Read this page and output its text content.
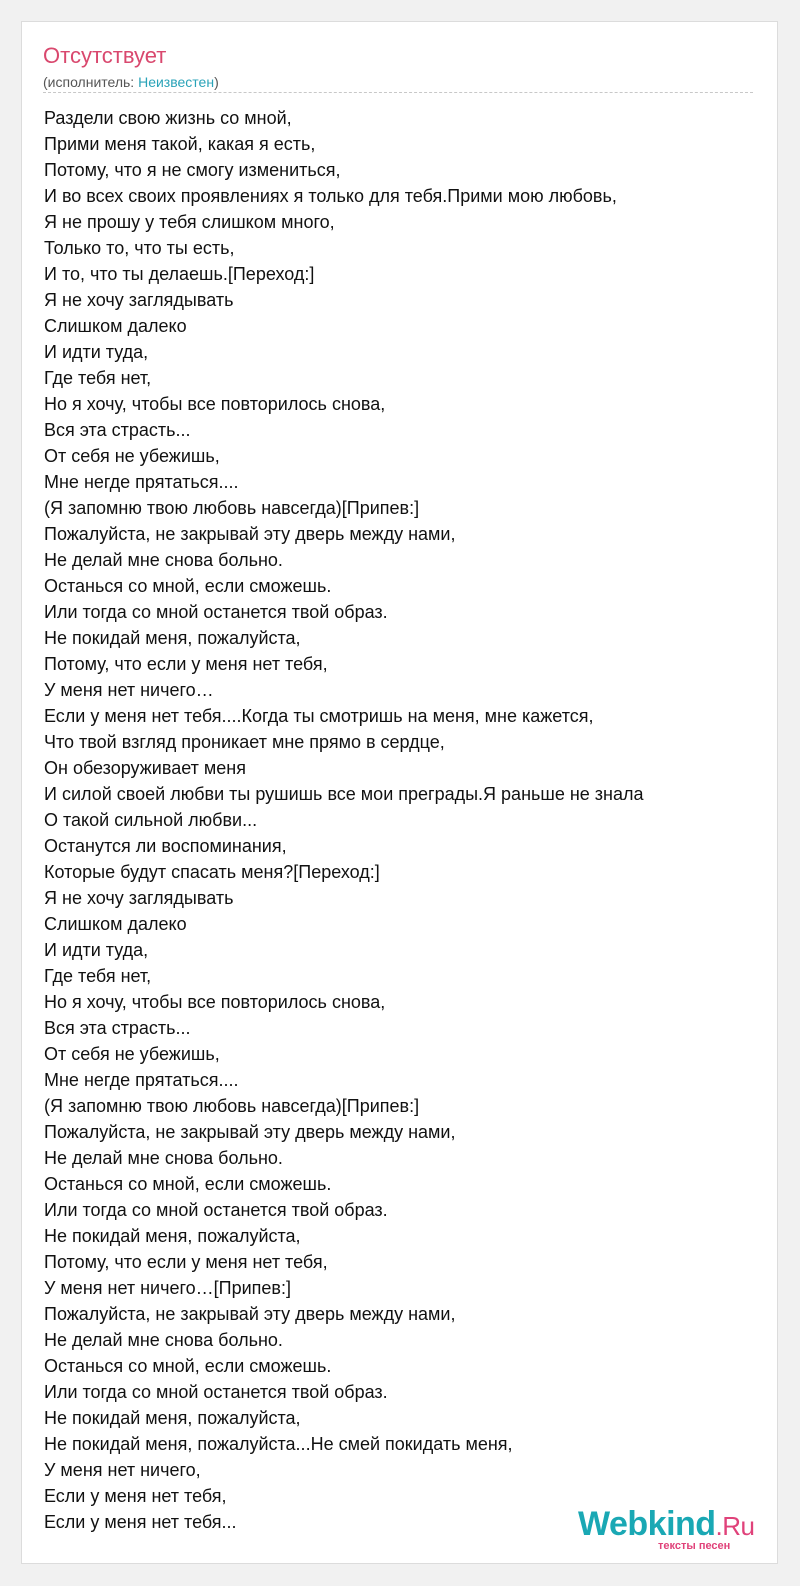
Отсутствует
(исполнитель: Неизвестен)
Раздели свою жизнь со мной,
Прими меня такой, какая я есть,
Потому, что я не смогу измениться,
И во всех своих проявлениях я только для тебя.Прими мою любовь,
Я не прошу у тебя слишком много,
Только то, что ты есть,
И то, что ты делаешь.[Переход:]
Я не хочу заглядывать
Слишком далеко
И идти туда,
Где тебя нет,
Но я хочу, чтобы все повторилось снова,
Вся эта страсть...
От себя не убежишь,
Мне негде прятаться....
(Я запомню твою любовь навсегда)[Припев:]
Пожалуйста, не закрывай эту дверь между нами,
Не делай мне снова больно.
Останься со мной, если сможешь.
Или тогда со мной останется твой образ.
Не покидай меня, пожалуйста,
Потому, что если у меня нет тебя,
У меня нет ничего…
Если у меня нет тебя....Когда ты смотришь на меня, мне кажется,
Что твой взгляд проникает мне прямо в сердце,
Он обезоруживает меня
И силой своей любви ты рушишь все мои преграды.Я раньше не знала
О такой сильной любви...
Останутся ли воспоминания,
Которые будут спасать меня?[Переход:]
Я не хочу заглядывать
Слишком далеко
И идти туда,
Где тебя нет,
Но я хочу, чтобы все повторилось снова,
Вся эта страсть...
От себя не убежишь,
Мне негде прятаться....
(Я запомню твою любовь навсегда)[Припев:]
Пожалуйста, не закрывай эту дверь между нами,
Не делай мне снова больно.
Останься со мной, если сможешь.
Или тогда со мной останется твой образ.
Не покидай меня, пожалуйста,
Потому, что если у меня нет тебя,
У меня нет ничего…[Припев:]
Пожалуйста, не закрывай эту дверь между нами,
Не делай мне снова больно.
Останься со мной, если сможешь.
Или тогда со мной останется твой образ.
Не покидай меня, пожалуйста,
Не покидай меня, пожалуйста...Не смей покидать меня,
У меня нет ничего,
Если у меня нет тебя,
Если у меня нет тебя...	Webkind.Ru
тексты песен
